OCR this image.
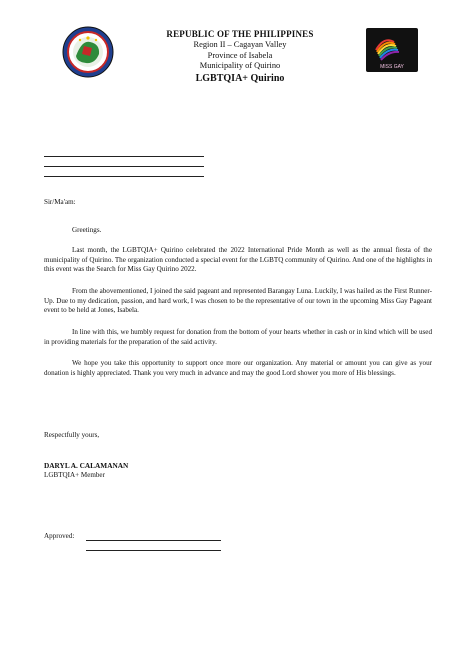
REPUBLIC OF THE PHILIPPINES
Region II – Cagayan Valley
Province of Isabela
Municipality of Quirino
LGBTQIA+ Quirino
MISS GAY
Sir/Ma'am:
Greetings.

Last month, the LGBTQIA+ Quirino celebrated the 2022 International Pride Month as well as the annual fiesta of the municipality of Quirino. The organization conducted a special event for the LGBTQ community of Quirino. And one of the highlights in this event was the Search for Miss Gay Quirino 2022.

From the abovementioned, I joined the said pageant and represented Barangay Luna. Luckily, I was hailed as the First Runner-Up. Due to my dedication, passion, and hard work, I was chosen to be the representative of our town in the upcoming Miss Gay Pageant event to be held at Jones, Isabela.

In line with this, we humbly request for donation from the bottom of your hearts whether in cash or in kind which will be used in providing materials for the preparation of the said activity.

We hope you take this opportunity to support once more our organization. Any material or amount you can give as your donation is highly appreciated. Thank you very much in advance and may the good Lord shower you more of His blessings.

Respectfully yours,
DARYL A. CALAMANAN
LGBTQIA+ Member
Approved:
